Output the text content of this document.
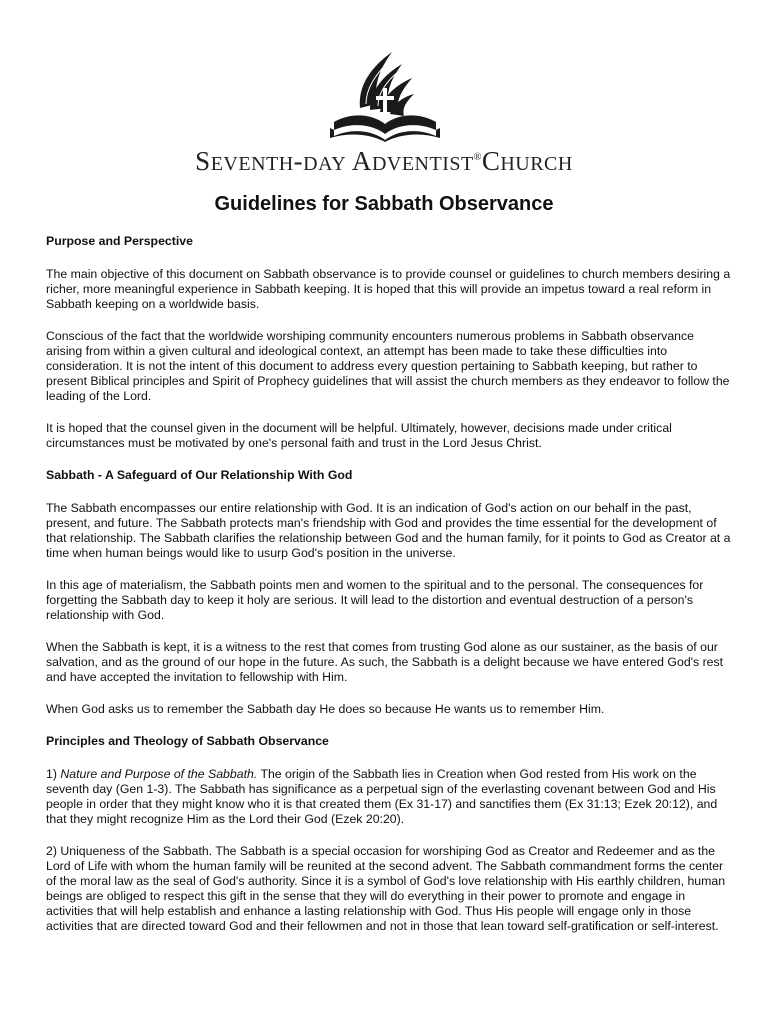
SEVENTH-DAY ADVENTIST®CHURCH
Guidelines for Sabbath Observance
Purpose and Perspective

The main objective of this document on Sabbath observance is to provide counsel or guidelines to church members desiring a richer, more meaningful experience in Sabbath keeping. It is hoped that this will provide an impetus toward a real reform in Sabbath keeping on a worldwide basis.

Conscious of the fact that the worldwide worshiping community encounters numerous problems in Sabbath observance arising from within a given cultural and ideological context, an attempt has been made to take these difficulties into consideration. It is not the intent of this document to address every question pertaining to Sabbath keeping, but rather to present Biblical principles and Spirit of Prophecy guidelines that will assist the church members as they endeavor to follow the leading of the Lord.

It is hoped that the counsel given in the document will be helpful. Ultimately, however, decisions made under critical circumstances must be motivated by one's personal faith and trust in the Lord Jesus Christ.

Sabbath - A Safeguard of Our Relationship With God

The Sabbath encompasses our entire relationship with God. It is an indication of God's action on our behalf in the past, present, and future. The Sabbath protects man's friendship with God and provides the time essential for the development of that relationship. The Sabbath clarifies the relationship between God and the human family, for it points to God as Creator at a time when human beings would like to usurp God's position in the universe.

In this age of materialism, the Sabbath points men and women to the spiritual and to the personal. The consequences for forgetting the Sabbath day to keep it holy are serious. It will lead to the distortion and eventual destruction of a person's relationship with God.

When the Sabbath is kept, it is a witness to the rest that comes from trusting God alone as our sustainer, as the basis of our salvation, and as the ground of our hope in the future. As such, the Sabbath is a delight because we have entered God's rest and have accepted the invitation to fellowship with Him.

When God asks us to remember the Sabbath day He does so because He wants us to remember Him.

Principles and Theology of Sabbath Observance

1) Nature and Purpose of the Sabbath. The origin of the Sabbath lies in Creation when God rested from His work on the seventh day (Gen 1-3). The Sabbath has significance as a perpetual sign of the everlasting covenant between God and His people in order that they might know who it is that created them (Ex 31-17) and sanctifies them (Ex 31:13; Ezek 20:12), and that they might recognize Him as the Lord their God (Ezek 20:20).

2) Uniqueness of the Sabbath. The Sabbath is a special occasion for worshiping God as Creator and Redeemer and as the Lord of Life with whom the human family will be reunited at the second advent. The Sabbath commandment forms the center of the moral law as the seal of God's authority. Since it is a symbol of God's love relationship with His earthly children, human beings are obliged to respect this gift in the sense that they will do everything in their power to promote and engage in activities that will help establish and enhance a lasting relationship with God. Thus His people will engage only in those activities that are directed toward God and their fellowmen and not in those that lean toward self-gratification or self-interest.
